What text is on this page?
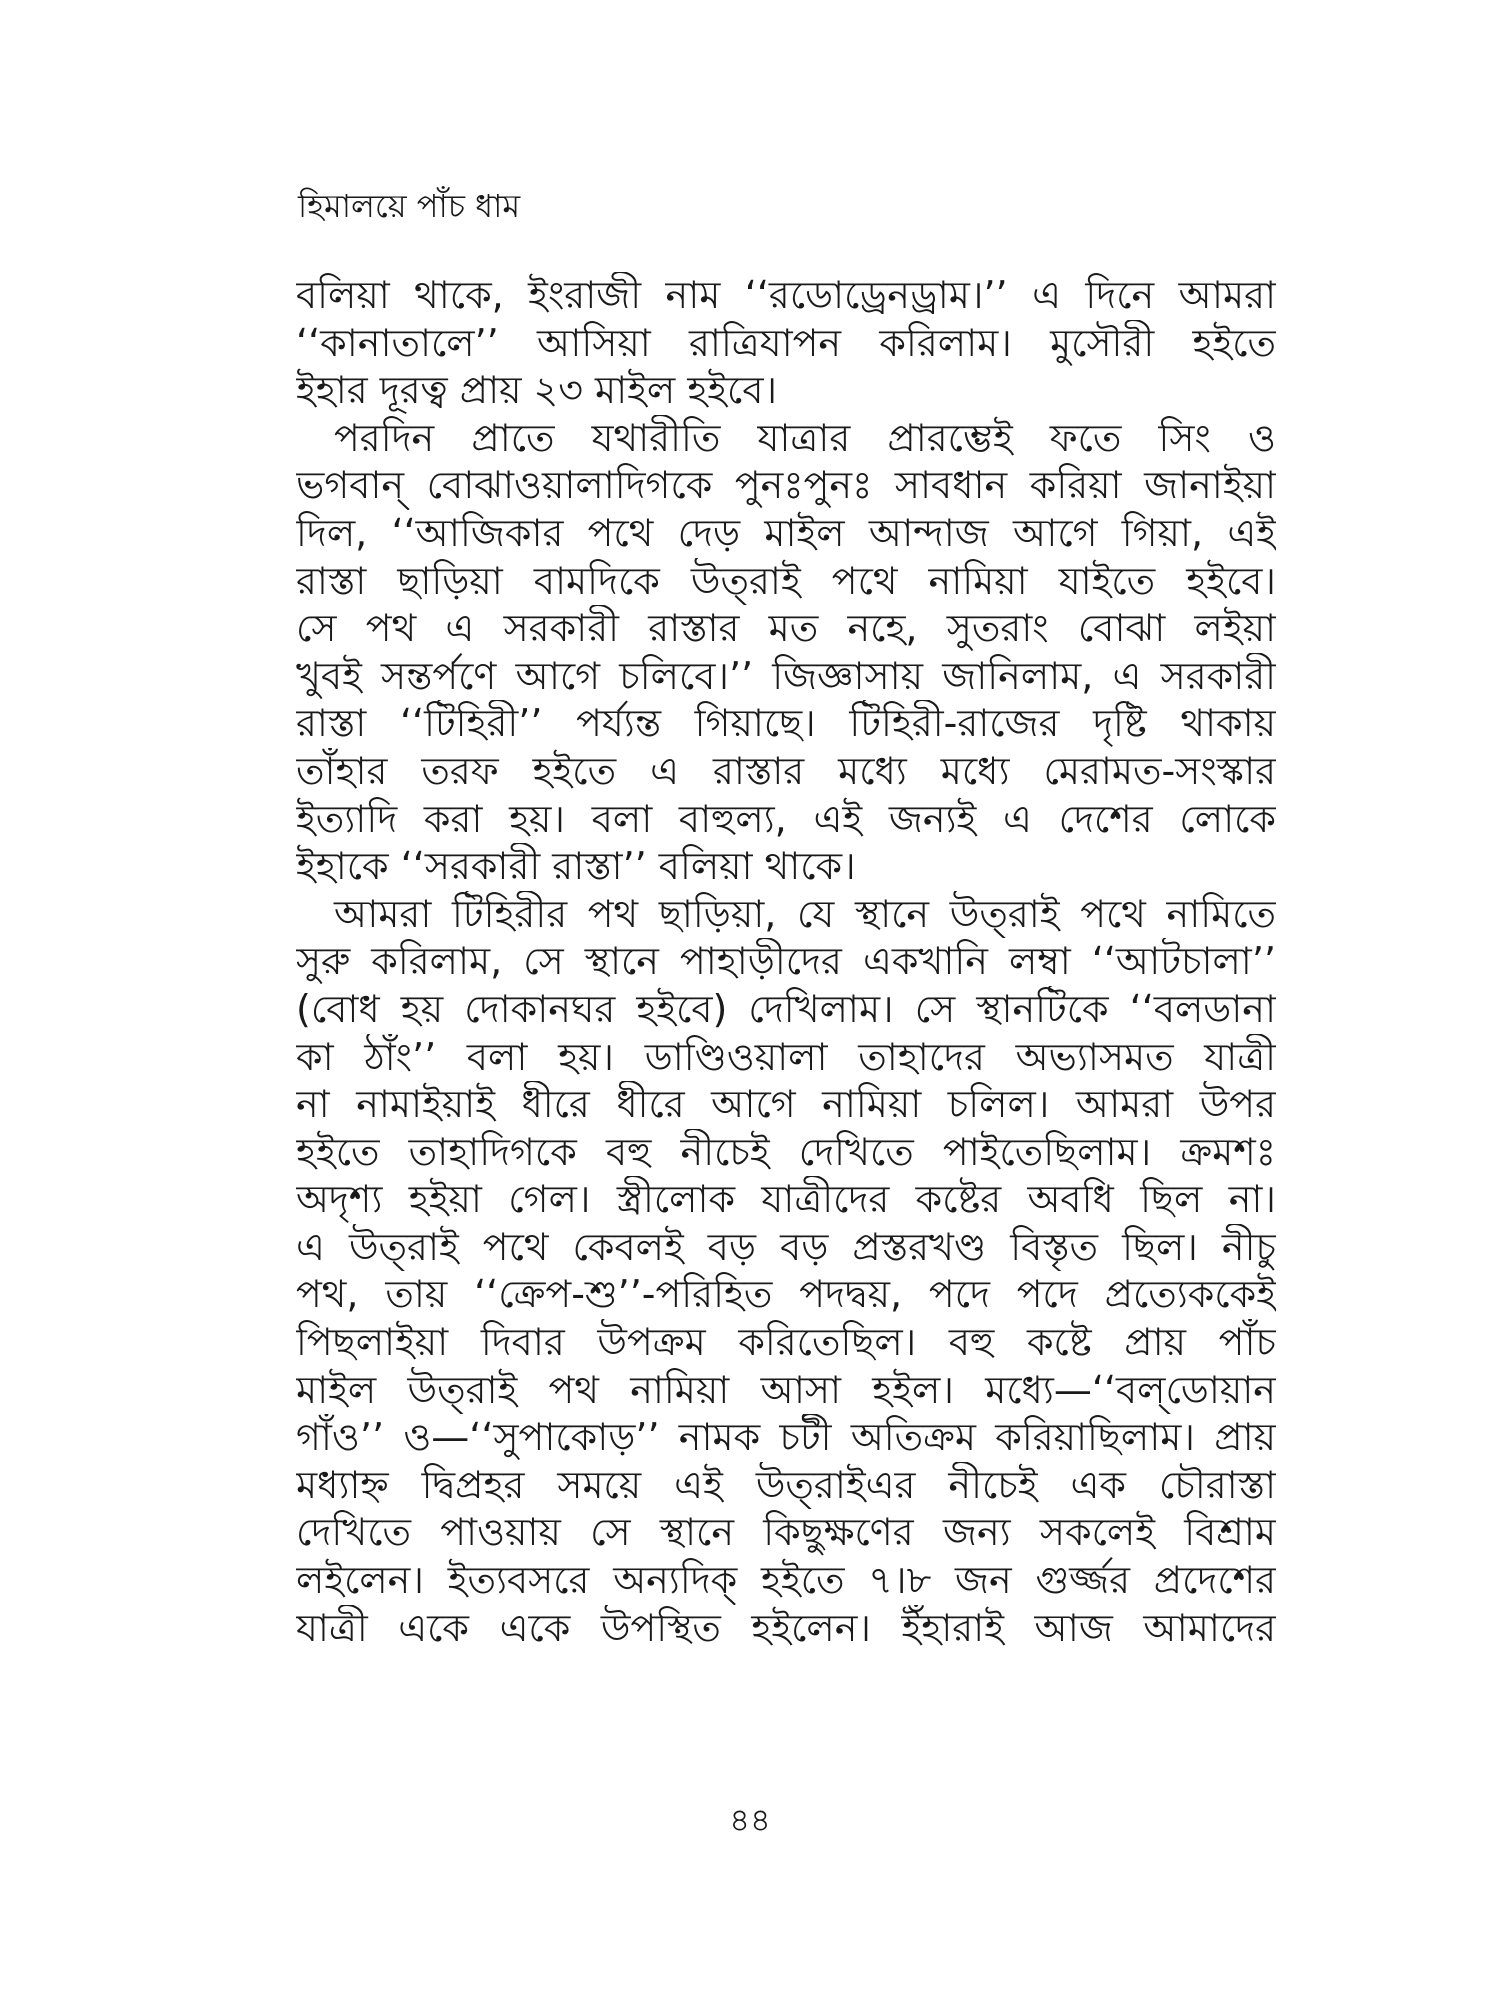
হিমালয়ে পাঁচ ধাম
বলিয়া থাকে, ইংরাজী নাম ‘‘রডোড্রেনড্রাম।’’ এ দিনে আমরা
‘‘কানাতালে’’ আসিয়া রাত্রিযাপন করিলাম। মুসৌরী হইতে
ইহার দূরত্ব প্রায় ২৩ মাইল হইবে।
পরদিন প্রাতে যথারীতি যাত্রার প্রারম্ভেই ফতে সিং ও
ভগবান্ বোঝাওয়ালাদিগকে পুনঃপুনঃ সাবধান করিয়া জানাইয়া
দিল, ‘‘আজিকার পথে দেড় মাইল আন্দাজ আগে গিয়া, এই
রাস্তা ছাড়িয়া বামদিকে উত্‌রাই পথে নামিয়া যাইতে হইবে।
সে পথ এ সরকারী রাস্তার মত নহে, সুতরাং বোঝা লইয়া
খুবই সন্তর্পণে আগে চলিবে।’’ জিজ্ঞাসায় জানিলাম, এ সরকারী
রাস্তা ‘‘টিহিরী’’ পর্য্যন্ত গিয়াছে। টিহিরী-রাজের দৃষ্টি থাকায়
তাঁহার তরফ হইতে এ রাস্তার মধ্যে মধ্যে মেরামত-সংস্কার
ইত্যাদি করা হয়। বলা বাহুল্য, এই জন্যই এ দেশের লোকে
ইহাকে ‘‘সরকারী রাস্তা’’ বলিয়া থাকে।
আমরা টিহিরীর পথ ছাড়িয়া, যে স্থানে উত্‌রাই পথে নামিতে
সুরু করিলাম, সে স্থানে পাহাড়ীদের একখানি লম্বা ‘‘আটচালা’’
(বোধ হয় দোকানঘর হইবে) দেখিলাম। সে স্থানটিকে ‘‘বলডানা
কা ঠাঁং’’ বলা হয়। ডাণ্ডিওয়ালা তাহাদের অভ্যাসমত যাত্রী
না নামাইয়াই ধীরে ধীরে আগে নামিয়া চলিল। আমরা উপর
হইতে তাহাদিগকে বহু নীচেই দেখিতে পাইতেছিলাম। ক্রমশঃ
অদৃশ্য হইয়া গেল। স্ত্রীলোক যাত্রীদের কষ্টের অবধি ছিল না।
এ উত্‌রাই পথে কেবলই বড় বড় প্রস্তরখণ্ড বিস্তৃত ছিল। নীচু
পথ, তায় ‘‘ক্রেপ-শু’’-পরিহিত পদদ্বয়, পদে পদে প্রত্যেককেই
পিছলাইয়া দিবার উপক্রম করিতেছিল। বহু কষ্টে প্রায় পাঁচ
মাইল উত্‌রাই পথ নামিয়া আসা হইল। মধ্যে—‘‘বল্‌ডোয়ান
গাঁও’’ ও—‘‘সুপাকোড়’’ নামক চটী অতিক্রম করিয়াছিলাম। প্রায়
মধ্যাহ্ন দ্বিপ্রহর সময়ে এই উত্‌রাইএর নীচেই এক চৌরাস্তা
দেখিতে পাওয়ায় সে স্থানে কিছুক্ষণের জন্য সকলেই বিশ্রাম
লইলেন। ইত্যবসরে অন্যদিক্ হইতে ৭।৮ জন গুর্জ্জর প্রদেশের
যাত্রী একে একে উপস্থিত হইলেন। ইঁহারাই আজ আমাদের
৪৪
